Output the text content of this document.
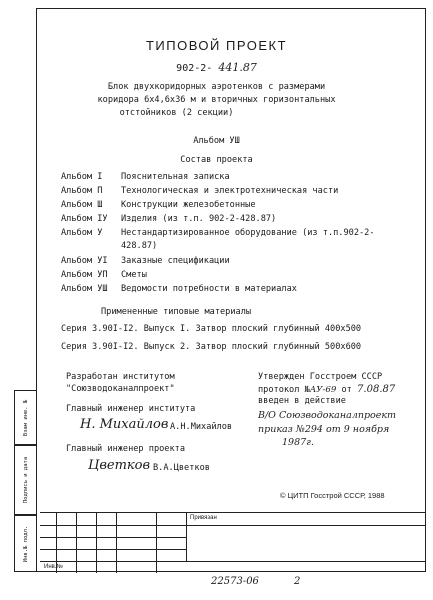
ТИПОВОЙ ПРОЕКТ
902-2- 441.87
Блок двухкоридорных аэротенков с размерами
коридора 6х4,6х36 м и вторичных горизонтальных
отстойников (2 секции)
Альбом УШ
Состав проекта
Альбом I Пояснительная записка
Альбом П Технологическая и электротехническая части
Альбом Ш Конструкции железобетонные
Альбом IУ Изделия (из т.п. 902-2-428.87)
Альбом У Нестандартизированное оборудование (из т.п.902-2-
428.87)
Альбом УI Заказные спецификации
Альбом УП Сметы
Альбом УШ Ведомости потребности в материалах
Примененные типовые материалы
Серия 3.90I-I2. Выпуск I. Затвор плоский глубинный 400х500
Серия 3.90I-I2. Выпуск 2. Затвор плоский глубинный 500х600
Разработан институтом
"Союзводоканалпроект"
Главный инженер института
Н. Михайлов А.Н.Михайлов
Главный инженер проекта
Цветков В.А.Цветков
Утвержден Госстроем СССР
протокол №АУ-69 от 7.08.87
введен в действие
В/О Союзводоканалпроект
приказ №294 от 9 ноября
1987г.
© ЦИТП Госстрой СССР, 1988
Привязан
Инв.№
Взам инв. №
Подпись и дата
Инв.№ подл.
22573-06	2
